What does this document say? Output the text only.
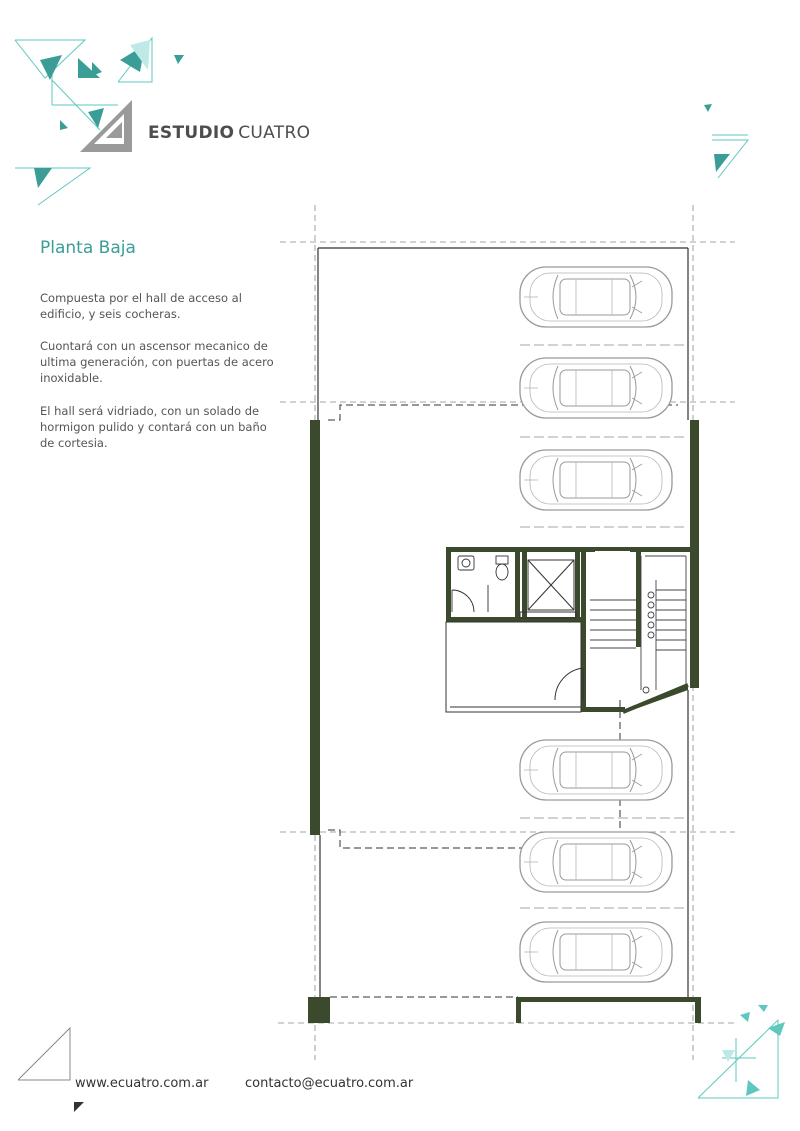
ESTUDIO CUATRO
Planta Baja

Compuesta por el hall de acceso al edificio, y seis cocheras.

Cuontará con un ascensor mecanico de ultima generación, con puertas de acero inoxidable.

El hall será vidriado, con un solado de hormigon pulido y contará con un baño de cortesia.

www.ecuatro.com.ar	contacto@ecuatro.com.ar
